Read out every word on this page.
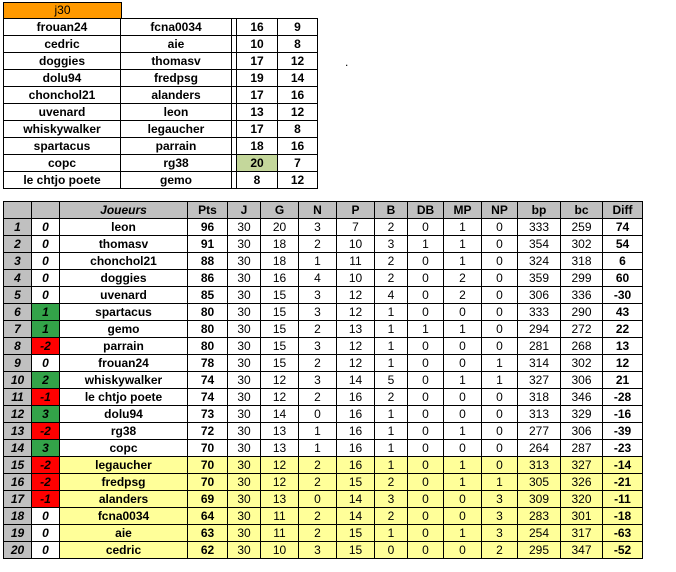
j30
frouan24	fcna0034		16	9
cedric	aie		10	8
doggies	thomasv		17	12
dolu94	fredpsg		19	14
chonchol21	alanders		17	16
uvenard	leon		13	12
whiskywalker	legaucher		17	8
spartacus	parrain		18	16
copc	rg38		20	7
le chtjo poete	gemo		8	12
.
		Joueurs	Pts	J	G	N	P	B	DB	MP	NP	bp	bc	Diff
1	0	leon	96	30	20	3	7	2	0	1	0	333	259	74
2	0	thomasv	91	30	18	2	10	3	1	1	0	354	302	54
3	0	chonchol21	88	30	18	1	11	2	0	1	0	324	318	6
4	0	doggies	86	30	16	4	10	2	0	2	0	359	299	60
5	0	uvenard	85	30	15	3	12	4	0	2	0	306	336	-30
6	1	spartacus	80	30	15	3	12	1	0	0	0	333	290	43
7	1	gemo	80	30	15	2	13	1	1	1	0	294	272	22
8	-2	parrain	80	30	15	3	12	1	0	0	0	281	268	13
9	0	frouan24	78	30	15	2	12	1	0	0	1	314	302	12
10	2	whiskywalker	74	30	12	3	14	5	0	1	1	327	306	21
11	-1	le chtjo poete	74	30	12	2	16	2	0	0	0	318	346	-28
12	3	dolu94	73	30	14	0	16	1	0	0	0	313	329	-16
13	-2	rg38	72	30	13	1	16	1	0	1	0	277	306	-39
14	3	copc	70	30	13	1	16	1	0	0	0	264	287	-23
15	-2	legaucher	70	30	12	2	16	1	0	1	0	313	327	-14
16	-2	fredpsg	70	30	12	2	15	2	0	1	1	305	326	-21
17	-1	alanders	69	30	13	0	14	3	0	0	3	309	320	-11
18	0	fcna0034	64	30	11	2	14	2	0	0	3	283	301	-18
19	0	aie	63	30	11	2	15	1	0	1	3	254	317	-63
20	0	cedric	62	30	10	3	15	0	0	0	2	295	347	-52
